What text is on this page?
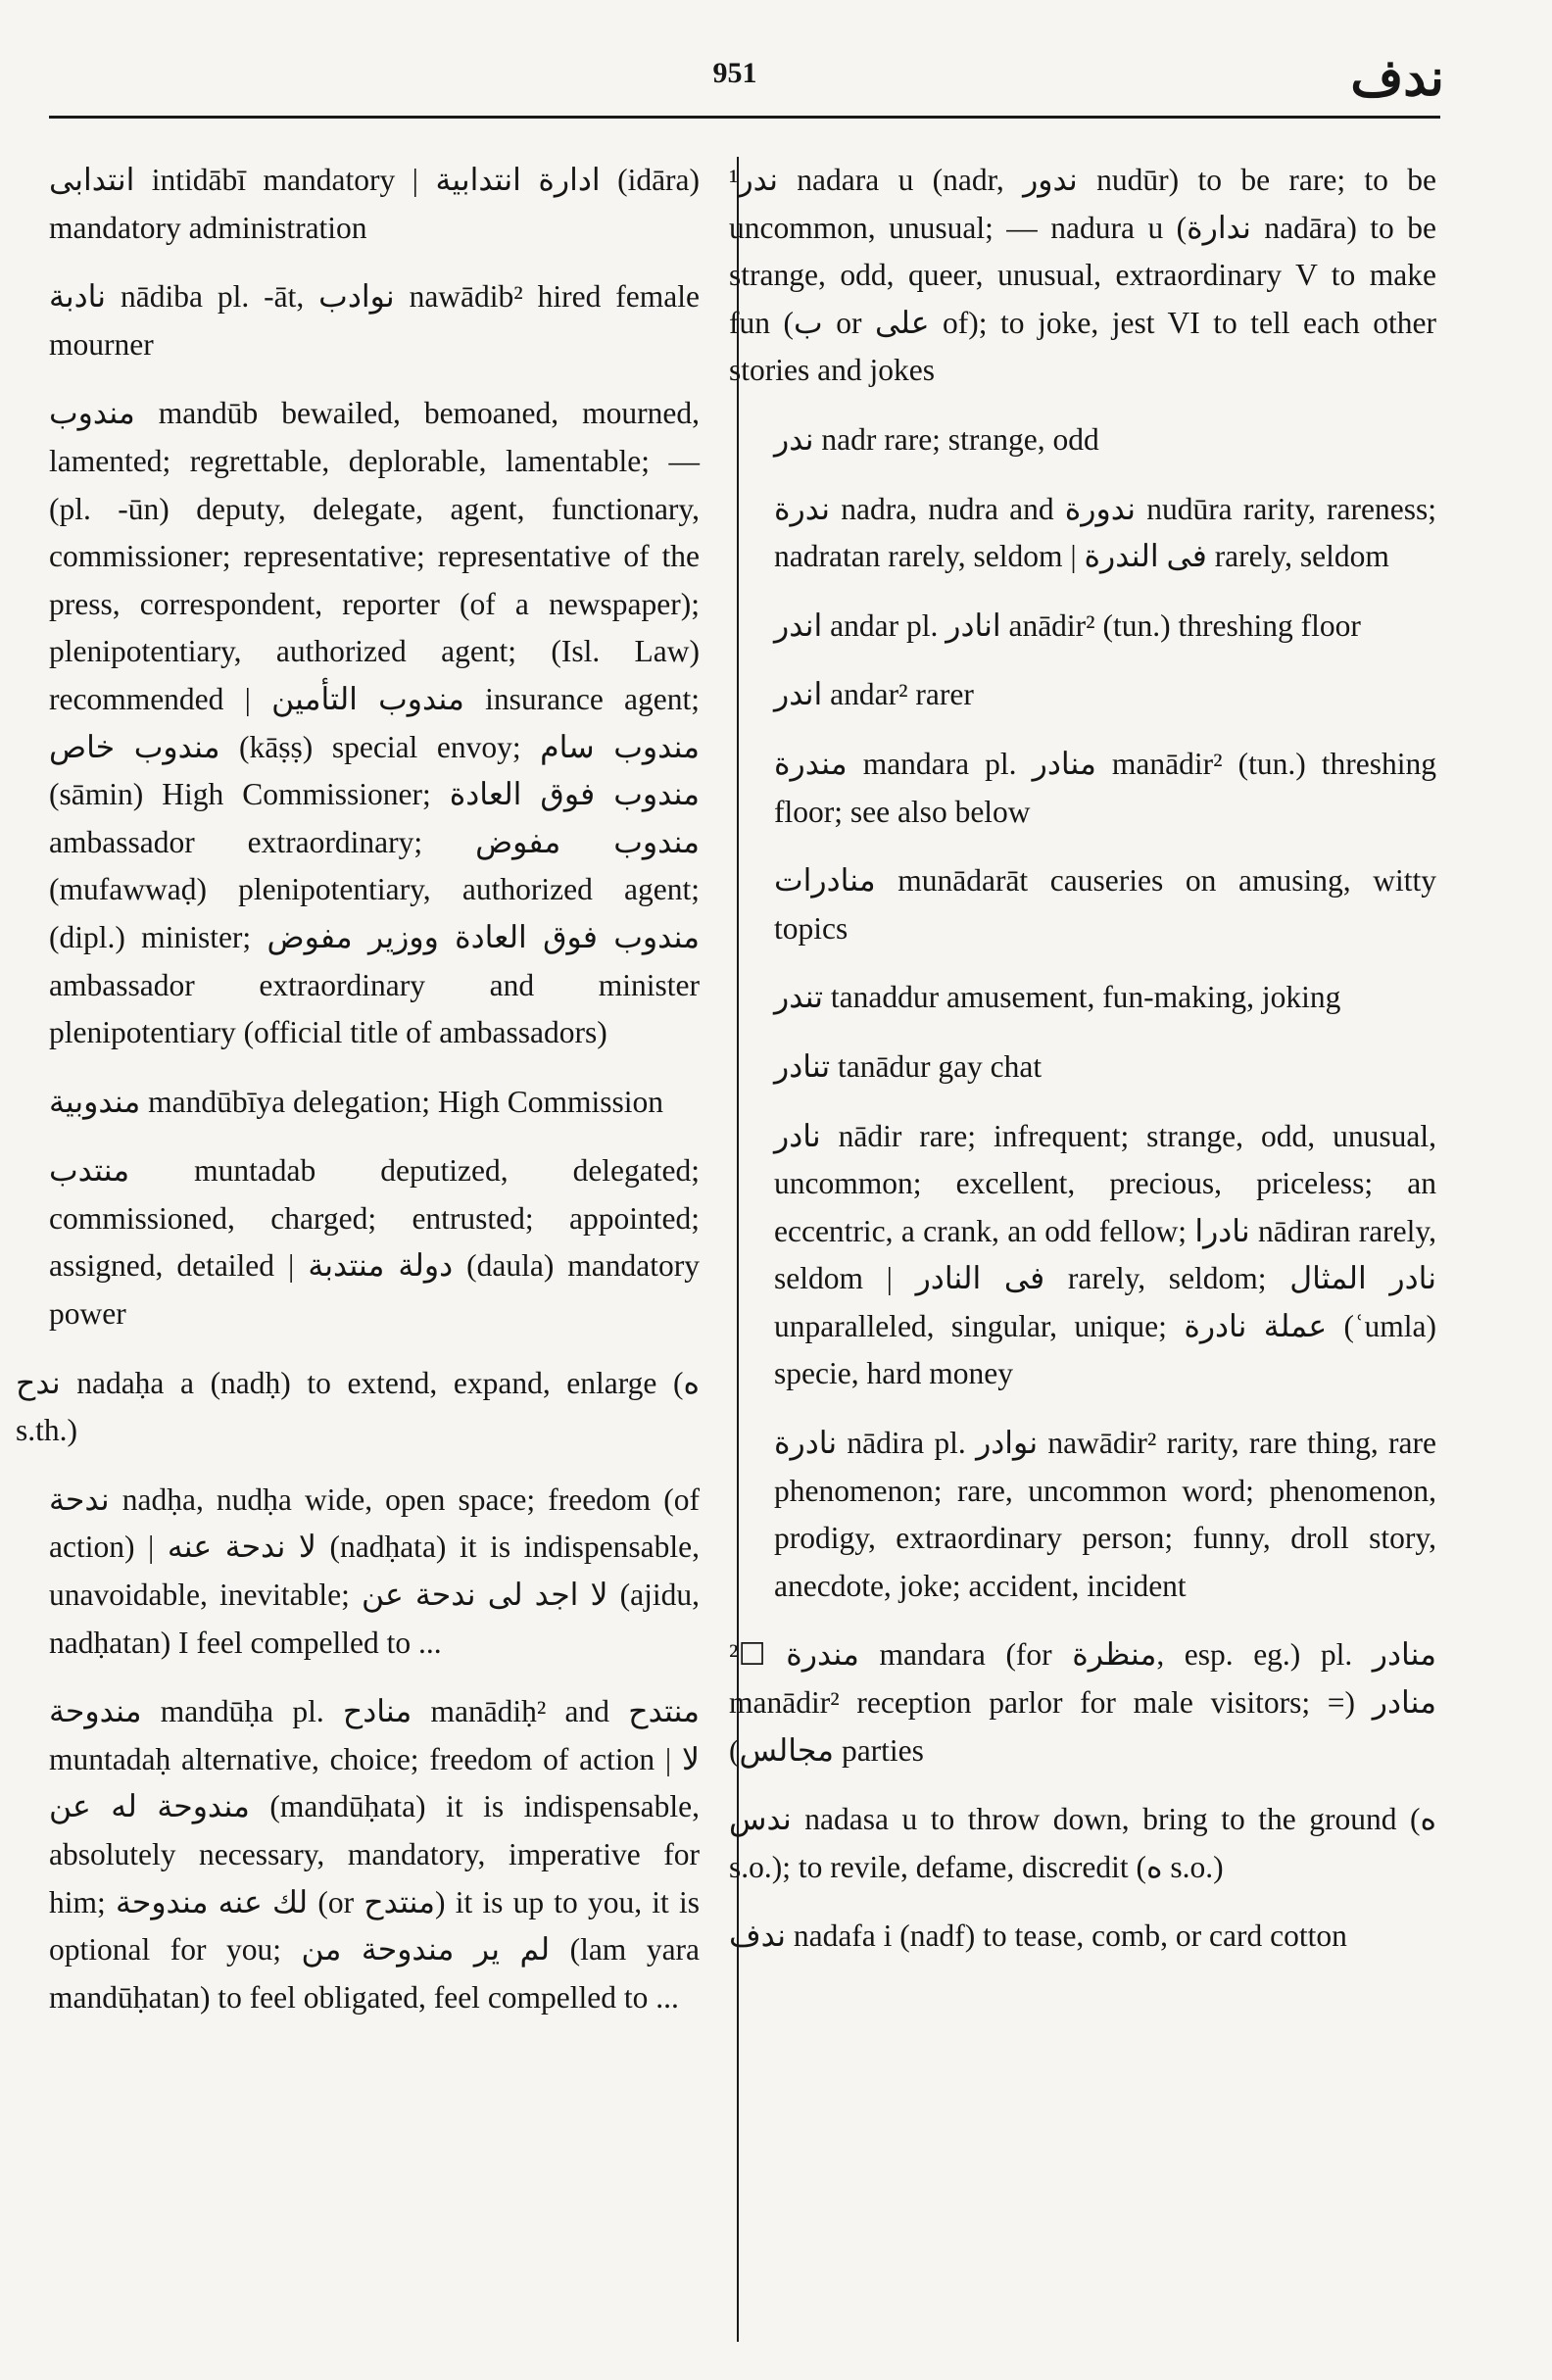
951	ندف
انتدابى intidābī mandatory | ادارة انتدابية (idāra) mandatory administration
نادبة nādiba pl. -āt, نوادب nawādib² hired female mourner
مندوب mandūb bewailed, bemoaned, mourned, lamented; regrettable, deplorable, lamentable; — (pl. -ūn) deputy, delegate, agent, functionary, commissioner; representative; representative of the press, correspondent, reporter (of a newspaper); plenipotentiary, authorized agent; (Isl. Law) recommended | مندوب التأمين insurance agent; مندوب خاص (kāṣṣ) special envoy; مندوب سام (sāmin) High Commissioner; مندوب فوق العادة ambassador extraordinary; مندوب مفوض (mufawwaḍ) plenipotentiary, authorized agent; (dipl.) minister; مندوب فوق العادة ووزير مفوض ambassador extraordinary and minister plenipotentiary (official title of ambassadors)
مندوبية mandūbīya delegation; High Commission
منتدب muntadab deputized, delegated; commissioned, charged; entrusted; appointed; assigned, detailed | دولة منتدبة (daula) mandatory power
ندح nadaḥa a (nadḥ) to extend, expand, enlarge (ه s.th.)
ندحة nadḥa, nudḥa wide, open space; freedom (of action) | لا ندحة عنه (nadḥata) it is indispensable, unavoidable, inevitable; لا اجد لى ندحة عن (ajidu, nadḥatan) I feel compelled to ...
مندوحة mandūḥa pl. منادح manādiḥ² and منتدح muntadaḥ alternative, choice; freedom of action | لا مندوحة له عن (mandūḥata) it is indispensable, absolutely necessary, mandatory, imperative for him; لك عنه مندوحة (or منتدح) it is up to you, it is optional for you; لم ير مندوحة من (lam yara mandūḥatan) to feel obligated, feel compelled to ...
¹ندر nadara u (nadr, ندور nudūr) to be rare; to be uncommon, unusual; — nadura u (ندارة nadāra) to be strange, odd, queer, unusual, extraordinary V to make fun (ب or على of); to joke, jest VI to tell each other stories and jokes
ندر nadr rare; strange, odd
ندرة nadra, nudra and ندورة nudūra rarity, rareness; nadratan rarely, seldom | فى الندرة rarely, seldom
اندر andar pl. انادر anādir² (tun.) threshing floor
اندر andar² rarer
مندرة mandara pl. منادر manādir² (tun.) threshing floor; see also below
منادرات munādarāt causeries on amusing, witty topics
تندر tanaddur amusement, fun-making, joking
تنادر tanādur gay chat
نادر nādir rare; infrequent; strange, odd, unusual, uncommon; excellent, precious, priceless; an eccentric, a crank, an odd fellow; نادرا nādiran rarely, seldom | فى النادر rarely, seldom; نادر المثال unparalleled, singular, unique; عملة نادرة (ʿumla) specie, hard money
نادرة nādira pl. نوادر nawādir² rarity, rare thing, rare phenomenon; rare, uncommon word; phenomenon, prodigy, extraordinary person; funny, droll story, anecdote, joke; accident, incident
²☐ مندرة mandara (for منظرة, esp. eg.) pl. منادر manādir² reception parlor for male visitors; منادر (= مجالس) parties
ندس nadasa u to throw down, bring to the ground (ه s.o.); to revile, defame, discredit (ه s.o.)
ندف nadafa i (nadf) to tease, comb, or card cotton
